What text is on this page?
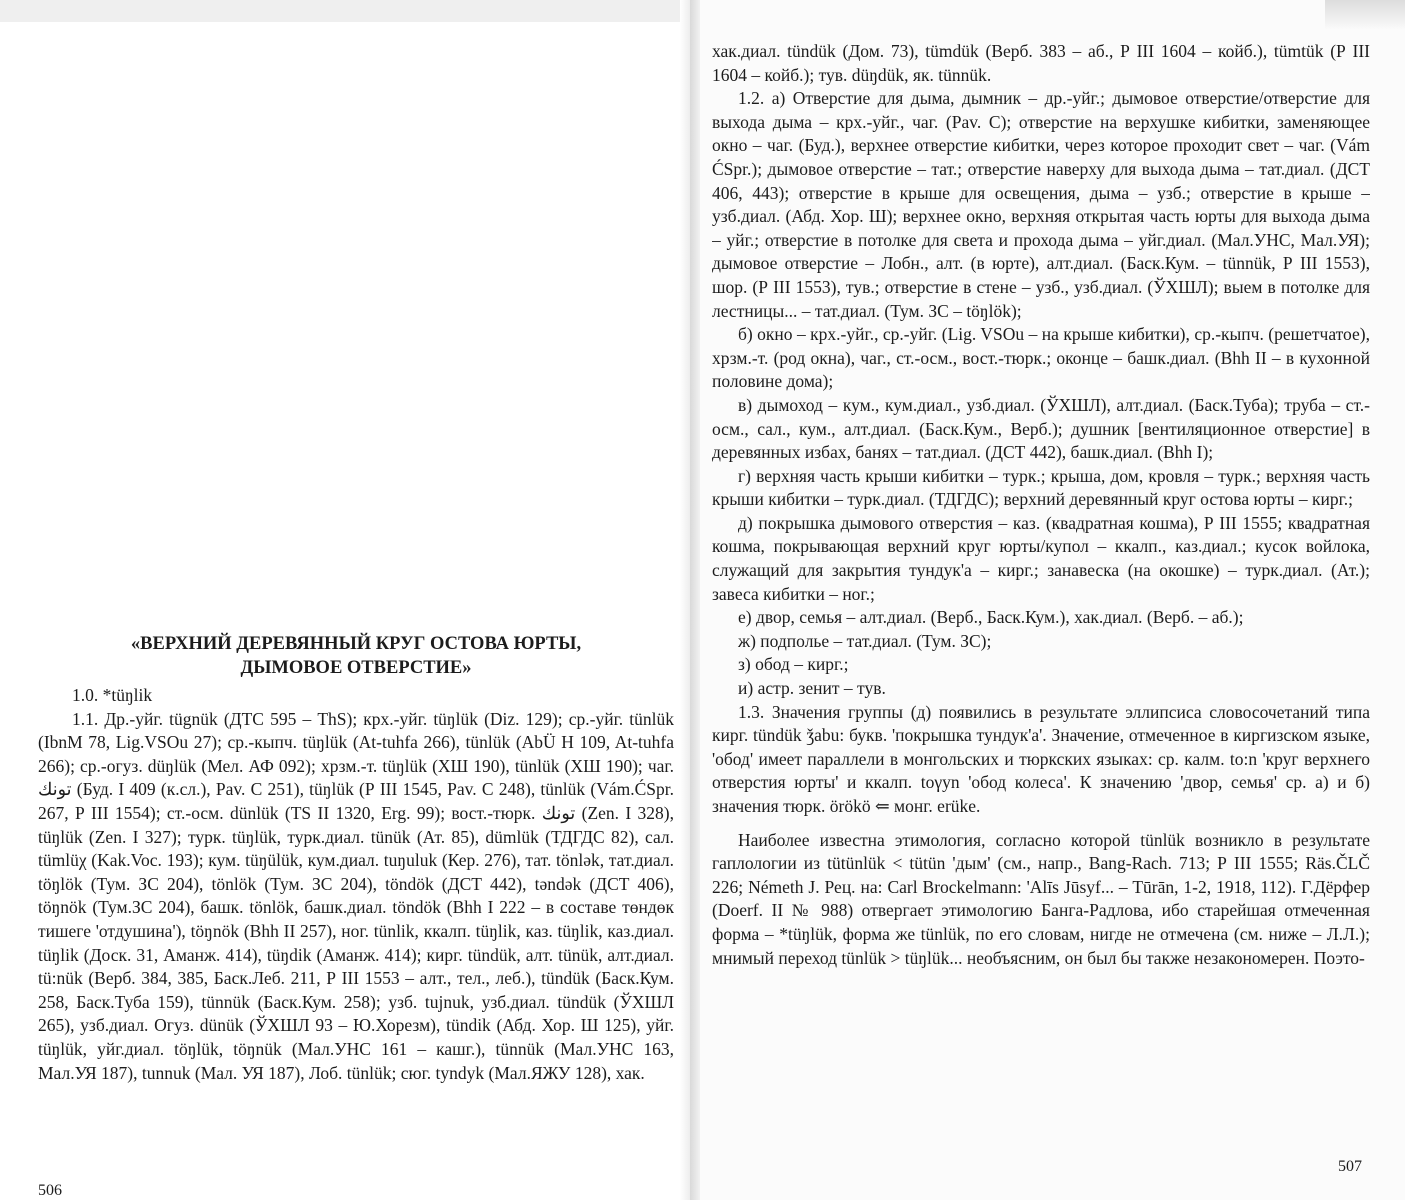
«ВЕРХНИЙ ДЕРЕВЯННЫЙ КРУГ ОСТОВА ЮРТЫ,
ДЫМОВОЕ ОТВЕРСТИЕ»

1.0. *tüŋlik

1.1. Др.-уйг. tügnük (ДТС 595 – ThS); крх.-уйг. tüŋlük (Diz. 129); ср.-уйг. tünlük (IbnM 78, Lig.VSOu 27); ср.-кыпч. tüŋlük (At-tuhfa 266), tünlük (AbÜ H 109, At-tuhfa 266); ср.-огуз. düŋlük (Мел. АФ 092); хрзм.-т. tüŋlük (ХШ 190), tünlük (ХШ 190); чаг. تونك (Буд. I 409 (к.сл.), Pav. C 251), tüŋlük (Р III 1545, Pav. C 248), tünlük (Vám.ĆSpr. 267, Р III 1554); ст.-осм. dünlük (TS II 1320, Erg. 99); вост.-тюрк. تونك (Zen. I 328), tüŋlük (Zen. I 327); турк. tüŋlük, турк.диал. tünük (Ат. 85), dümlük (ТДГДС 82), сал. tümlüχ (Kak.Voc. 193); кум. tüŋülük, кум.диал. tuŋuluk (Кер. 276), тат. tönlək, тат.диал. töŋlök (Тум. ЗС 204), tönlök (Тум. ЗС 204), töndök (ДСТ 442), təndək (ДСТ 406), töŋnök (Тум.ЗС 204), башк. tönlök, башк.диал. töndök (Bhh I 222 – в составе төндөк тишеге 'отдушина'), töŋnök (Bhh II 257), ног. tünlik, ккалп. tüŋlik, каз. tüŋlik, каз.диал. tüŋlik (Доск. 31, Аманж. 414), tüŋdik (Аманж. 414); кирг. tündük, алт. tünük, алт.диал. tü:nük (Верб. 384, 385, Баск.Леб. 211, Р III 1553 – алт., тел., леб.), tündük (Баск.Кум. 258, Баск.Туба 159), tünnük (Баск.Кум. 258); узб. tujnuk, узб.диал. tündük (ЎХШЛ 265), узб.диал. Огуз. dünük (ЎХШЛ 93 – Ю.Хорезм), tündik (Абд. Хор. Ш 125), уйг. tüŋlük, уйг.диал. töŋlük, töŋnük (Мал.УНС 161 – кашг.), tünnük (Мал.УНС 163, Мал.УЯ 187), tunnuk (Мал. УЯ 187), Лоб. tünlük; сюг. tyndyk (Мал.ЯЖУ 128), хак.

506

хак.диал. tündük (Дом. 73), tümdük (Верб. 383 – аб., Р III 1604 – койб.), tümtük (Р III 1604 – койб.); тув. düŋdük, як. tünnük.

1.2. а) Отверстие для дыма, дымник – др.-уйг.; дымовое отверстие/отверстие для выхода дыма – крх.-уйг., чаг. (Pav. C); отверстие на верхушке кибитки, заменяющее окно – чаг. (Буд.), верхнее отверстие кибитки, через которое проходит свет – чаг. (Vám ĆSpr.); дымовое отверстие – тат.; отверстие наверху для выхода дыма – тат.диал. (ДСТ 406, 443); отверстие в крыше для освещения, дыма – узб.; отверстие в крыше – узб.диал. (Абд. Хор. Ш); верхнее окно, верхняя открытая часть юрты для выхода дыма – уйг.; отверстие в потолке для света и прохода дыма – уйг.диал. (Мал.УНС, Мал.УЯ); дымовое отверстие – Лобн., алт. (в юрте), алт.диал. (Баск.Кум. – tünnük, Р III 1553), шор. (Р III 1553), тув.; отверстие в стене – узб., узб.диал. (ЎХШЛ); выем в потолке для лестницы... – тат.диал. (Тум. ЗС – töŋlök);

б) окно – крх.-уйг., ср.-уйг. (Lig. VSOu – на крыше кибитки), ср.-кыпч. (решетчатое), хрзм.-т. (род окна), чаг., ст.-осм., вост.-тюрк.; оконце – башк.диал. (Bhh II – в кухонной половине дома);

в) дымоход – кум., кум.диал., узб.диал. (ЎХШЛ), алт.диал. (Баск.Туба); труба – ст.-осм., сал., кум., алт.диал. (Баск.Кум., Верб.); душник [вентиляционное отверстие] в деревянных избах, банях – тат.диал. (ДСТ 442), башк.диал. (Bhh I);

г) верхняя часть крыши кибитки – турк.; крыша, дом, кровля – турк.; верхняя часть крыши кибитки – турк.диал. (ТДГДС); верхний деревянный круг остова юрты – кирг.;

д) покрышка дымового отверстия – каз. (квадратная кошма), Р III 1555; квадратная кошма, покрывающая верхний круг юрты/купол – ккалп., каз.диал.; кусок войлока, служащий для закрытия тундук'а – кирг.; занавеска (на окошке) – турк.диал. (Ат.); завеса кибитки – ног.;

е) двор, семья – алт.диал. (Верб., Баск.Кум.), хак.диал. (Верб. – аб.);

ж) подполье – тат.диал. (Тум. ЗС);

з) обод – кирг.;

и) астр. зенит – тув.

1.3. Значения группы (д) появились в результате эллипсиса словосочетаний типа кирг. tündük ǯabu: букв. 'покрышка тундук'а'. Значение, отмеченное в киргизском языке, 'обод' имеет параллели в монгольских и тюркских языках: ср. калм. to:n 'круг верхнего отверстия юрты' и ккалп. toγyn 'обод колеса'. К значению 'двор, семья' ср. а) и б) значения тюрк. örökö ⇐ монг. erüke.

Наиболее известна этимология, согласно которой tünlük возникло в результате гаплологии из tütünlük < tütün 'дым' (см., напр., Bang-Rach. 713; Р III 1555; Räs.ČLČ 226; Németh J. Рец. на: Carl Brockelmann: 'Alīs Jūsyf... – Tūrān, 1-2, 1918, 112). Г.Дёрфер (Doerf. II № 988) отвергает этимологию Банга-Радлова, ибо старейшая отмеченная форма – *tüŋlük, форма же tünlük, по его словам, нигде не отмечена (см. ниже – Л.Л.); мнимый переход tünlük > tüŋlük... необъясним, он был бы также незакономерен. Поэто-

507
